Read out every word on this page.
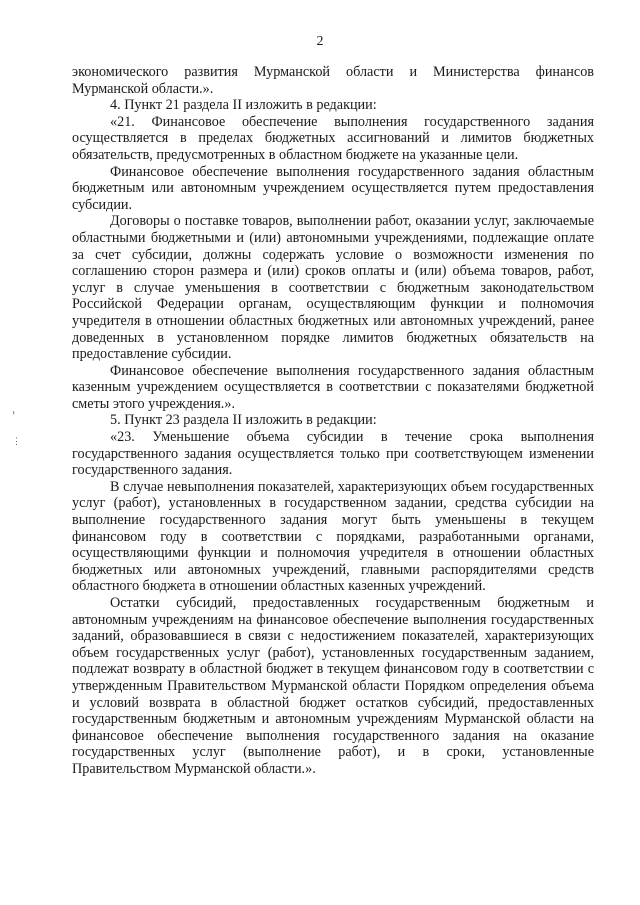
2
›
⋮

экономического развития Мурманской области и Министерства финансов Мурманской области.».

4. Пункт 21 раздела II изложить в редакции:

«21. Финансовое обеспечение выполнения государственного задания осуществляется в пределах бюджетных ассигнований и лимитов бюджетных обязательств, предусмотренных в областном бюджете на указанные цели.

Финансовое обеспечение выполнения государственного задания областным бюджетным или автономным учреждением осуществляется путем предоставления субсидии.

Договоры о поставке товаров, выполнении работ, оказании услуг, заключаемые областными бюджетными и (или) автономными учреждениями, подлежащие оплате за счет субсидии, должны содержать условие о возможности изменения по соглашению сторон размера и (или) сроков оплаты и (или) объема товаров, работ, услуг в случае уменьшения в соответствии с бюджетным законодательством Российской Федерации органам, осуществляющим функции и полномочия учредителя в отношении областных бюджетных или автономных учреждений, ранее доведенных в установленном порядке лимитов бюджетных обязательств на предоставление субсидии.

Финансовое обеспечение выполнения государственного задания областным казенным учреждением осуществляется в соответствии с показателями бюджетной сметы этого учреждения.».

5. Пункт 23 раздела II изложить в редакции:

«23. Уменьшение объема субсидии в течение срока выполнения государственного задания осуществляется только при соответствующем изменении государственного задания.

В случае невыполнения показателей, характеризующих объем государственных услуг (работ), установленных в государственном задании, средства субсидии на выполнение государственного задания могут быть уменьшены в текущем финансовом году в соответствии с порядками, разработанными органами, осуществляющими функции и полномочия учредителя в отношении областных бюджетных или автономных учреждений, главными распорядителями средств областного бюджета в отношении областных казенных учреждений.

Остатки субсидий, предоставленных государственным бюджетным и автономным учреждениям на финансовое обеспечение выполнения государственных заданий, образовавшиеся в связи с недостижением показателей, характеризующих объем государственных услуг (работ), установленных государственным заданием, подлежат возврату в областной бюджет в текущем финансовом году в соответствии с утвержденным Правительством Мурманской области Порядком определения объема и условий возврата в областной бюджет остатков субсидий, предоставленных государственным бюджетным и автономным учреждениям Мурманской области на финансовое обеспечение выполнения государственного задания на оказание государственных услуг (выполнение работ), и в сроки, установленные Правительством Мурманской области.».
